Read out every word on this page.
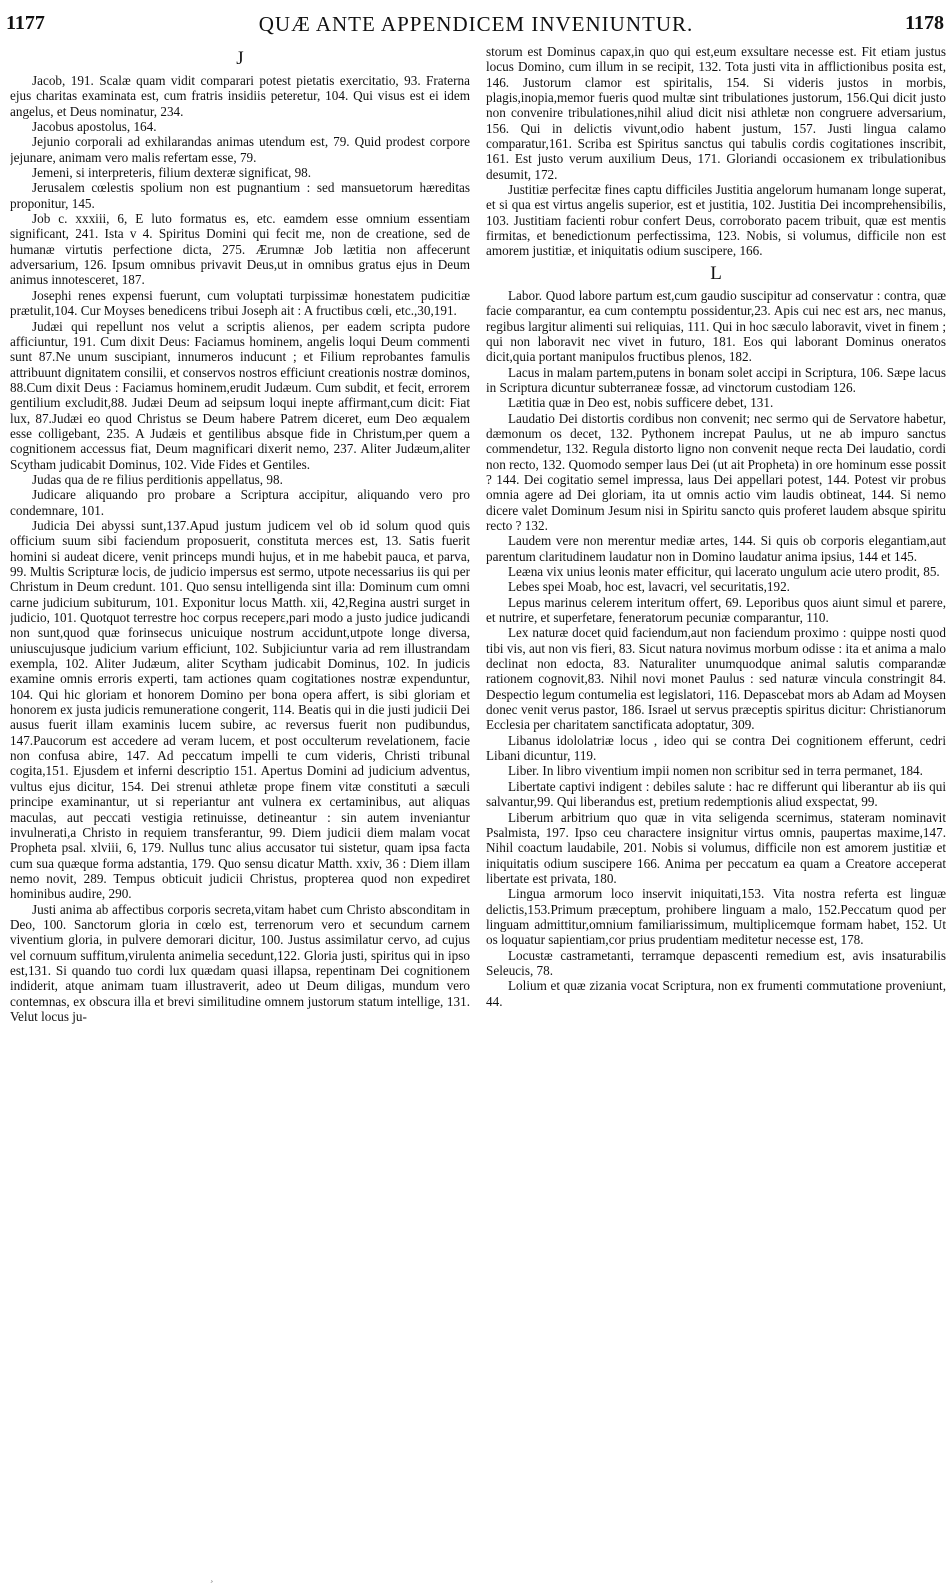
1177	QUÆ ANTE APPENDICEM INVENIUNTUR.	1178
J

Jacob, 191. Scalæ quam vidit comparari potest pietatis exercitatio, 93. Fraterna ejus charitas examinata est, cum fratris insidiis peteretur, 104. Qui visus est ei idem angelus, et Deus nominatur, 234.

Jacobus apostolus, 164.

Jejunio corporali ad exhilarandas animas utendum est, 79. Quid prodest corpore jejunare, animam vero malis refertam esse, 79.

Jemeni, si interpreteris, filium dexteræ significat, 98.

Jerusalem cœlestis spolium non est pugnantium : sed mansuetorum hæreditas proponitur, 145.

Job c. xxxiii, 6, E luto formatus es, etc. eamdem esse omnium essentiam significant, 241. Ista v 4. Spiritus Domini qui fecit me, non de creatione, sed de humanæ virtutis perfectione dicta, 275. Ærumnæ Job lætitia non affecerunt adversarium, 126. Ipsum omnibus privavit Deus,ut in omnibus gratus ejus in Deum animus innotesceret, 187.

Josephi renes expensi fuerunt, cum voluptati turpissimæ honestatem pudicitiæ prætulit,104. Cur Moyses benedicens tribui Joseph ait : A fructibus cœli, etc.,30,191.

Judæi qui repellunt nos velut a scriptis alienos, per eadem scripta pudore afficiuntur, 191. Cum dixit Deus: Faciamus hominem, angelis loqui Deum commenti sunt 87.Ne unum suscipiant, innumeros inducunt ; et Filium reprobantes famulis attribuunt dignitatem consilii, et conservos nostros efficiunt creationis nostræ dominos, 88.Cum dixit Deus : Faciamus hominem,erudit Judæum. Cum subdit, et fecit, errorem gentilium excludit,88. Judæi Deum ad seipsum loqui inepte affirmant,cum dicit: Fiat lux, 87.Judæi eo quod Christus se Deum habere Patrem diceret, eum Deo æqualem esse colligebant, 235. A Judæis et gentilibus absque fide in Christum,per quem a cognitionem accessus fiat, Deum magnificari dixerit nemo, 237. Aliter Judæum,aliter Scytham judicabit Dominus, 102. Vide Fides et Gentiles.

Judas qua de re filius perditionis appellatus, 98.

Judicare aliquando pro probare a Scriptura accipitur, aliquando vero pro condemnare, 101.

Judicia Dei abyssi sunt,137.Apud justum judicem vel ob id solum quod quis officium suum sibi faciendum proposuerit, constituta merces est, 13. Satis fuerit homini si audeat dicere, venit princeps mundi hujus, et in me habebit pauca, et parva, 99. Multis Scripturæ locis, de judicio impersus est sermo, utpote necessarius iis qui per Christum in Deum credunt. 101. Quo sensu intelligenda sint illa: Dominum cum omni carne judicium subiturum, 101. Exponitur locus Matth. xii, 42,Regina austri surget in judicio, 101. Quotquot terrestre hoc corpus receperε,pari modo a justo judice judicandi non sunt,quod quæ forinsecus unicuique nostrum accidunt,utpote longe diversa, uniuscujusque judicium varium efficiunt, 102. Subjiciuntur varia ad rem illustrandam exempla, 102. Aliter Judæum, aliter Scytham judicabit Dominus, 102. In judicis examine omnis erroris experti, tam actiones quam cogitationes nostræ expenduntur, 104. Qui hic gloriam et honorem Domino per bona opera affert, is sibi gloriam et honorem ex justa judicis remuneratione congerit, 114. Beatis qui in die justi judicii Dei ausus fuerit illam examinis lucem subire, ac reversus fuerit non pudibundus, 147.Paucorum est accedere ad veram lucem, et post occulterum revelationem, facie non confusa abire, 147. Ad peccatum impelli te cum videris, Christi tribunal cogita,151. Ejusdem et inferni descriptio 151. Apertus Domini ad judicium adventus, vultus ejus dicitur, 154. Dei strenui athletæ prope finem vitæ constituti a sæculi principe examinantur, ut si reperiantur ant vulnera ex certaminibus, aut aliquas maculas, aut peccati vestigia retinuisse, detineantur : sin autem inveniantur invulnerati,a Christo in requiem transferantur, 99. Diem judicii diem malam vocat Propheta psal. xlviii, 6, 179. Nullus tunc alius accusator tui sistetur, quam ipsa facta cum sua quæque forma adstantia, 179. Quo sensu dicatur Matth. xxiv, 36 : Diem illam nemo novit, 289. Tempus obticuit judicii Christus, propterea quod non expediret hominibus audire, 290.

Justi anima ab affectibus corporis secreta,vitam habet cum Christo absconditam in Deo, 100. Sanctorum gloria in cœlo est, terrenorum vero et secundum carnem viventium gloria, in pulvere demorari dicitur, 100. Justus assimilatur cervo, ad cujus vel cornuum suffitum,virulenta animelia secedunt,122. Gloria justi, spiritus qui in ipso est,131. Si quando tuo cordi lux quædam quasi illapsa, repentinam Dei cognitionem indiderit, atque animam tuam illustraverit, adeo ut Deum diligas, mundum vero contemnas, ex obscura illa et brevi similitudine omnem justorum statum intellige, 131. Velut locus ju-

storum est Dominus capax,in quo qui est,eum exsultare necesse est. Fit etiam justus locus Domino, cum illum in se recipit, 132. Tota justi vita in afflictionibus posita est, 146. Justorum clamor est spiritalis, 154. Si videris justos in morbis, plagis,inopia,memor fueris quod multæ sint tribulationes justorum, 156.Qui dicit justo non convenire tribulationes,nihil aliud dicit nisi athletæ non congruere adversarium, 156. Qui in delictis vivunt,odio habent justum, 157. Justi lingua calamo comparatur,161. Scriba est Spiritus sanctus qui tabulis cordis cogitationes inscribit, 161. Est justo verum auxilium Deus, 171. Gloriandi occasionem ex tribulationibus desumit, 172.

Justitiæ perfecitæ fines captu difficiles Justitia angelorum humanam longe superat, et si qua est virtus angelis superior, est et justitia, 102. Justitia Dei incomprehensibilis, 103. Justitiam facienti robur confert Deus, corroborato pacem tribuit, quæ est mentis firmitas, et benedictionum perfectissima, 123. Nobis, si volumus, difficile non est amorem justitiæ, et iniquitatis odium suscipere, 166.

L

Labor. Quod labore partum est,cum gaudio suscipitur ad conservatur : contra, quæ facie comparantur, ea cum contemptu possidentur,23. Apis cui nec est ars, nec manus, regibus largitur alimenti sui reliquias, 111. Qui in hoc sæculo laboravit, vivet in finem ; qui non laboravit nec vivet in futuro, 181. Eos qui laborant Dominus oneratos dicit,quia portant manipulos fructibus plenos, 182.

Lacus in malam partem,putens in bonam solet accipi in Scriptura, 106. Sæpe lacus in Scriptura dicuntur subterraneæ fossæ, ad vinctorum custodiam 126.

Lætitia quæ in Deo est, nobis sufficere debet, 131.

Laudatio Dei distortis cordibus non convenit; nec sermo qui de Servatore habetur, dæmonum os decet, 132. Pythonem increpat Paulus, ut ne ab impuro sanctus commendetur, 132. Regula distorto ligno non convenit neque recta Dei laudatio, cordi non recto, 132. Quomodo semper laus Dei (ut ait Propheta) in ore hominum esse possit ? 144. Dei cogitatio semel impressa, laus Dei appellari potest, 144. Potest vir probus omnia agere ad Dei gloriam, ita ut omnis actio vim laudis obtineat, 144. Si nemo dicere valet Dominum Jesum nisi in Spiritu sancto quis proferet laudem absque spiritu recto ? 132.

Laudem vere non merentur mediæ artes, 144. Si quis ob corporis elegantiam,aut parentum claritudinem laudatur non in Domino laudatur anima ipsius, 144 et 145.

Leæna vix unius leonis mater efficitur, qui lacerato ungulum acie utero prodit, 85.

Lebes spei Moab, hoc est, lavacri, vel securitatis,192.

Lepus marinus celerem interitum offert, 69. Leporibus quos aiunt simul et parere, et nutrire, et superfetare, feneratorum pecuniæ comparantur, 110.

Lex naturæ docet quid faciendum,aut non faciendum proximo : quippe nosti quod tibi vis, aut non vis fieri, 83. Sicut natura novimus morbum odisse : ita et anima a malo declinat non edocta, 83. Naturaliter unumquodque animal salutis comparandæ rationem cognovit,83. Nihil novi monet Paulus : sed naturæ vincula constringit 84. Despectio legum contumelia est legislatori, 116. Depascebat mors ab Adam ad Moysen donec venit verus pastor, 186. Israel ut servus præceptis spiritus dicitur: Christianorum Ecclesia per charitatem sanctificata adoptatur, 309.

Libanus idololatriæ locus , ideo qui se contra Dei cognitionem efferunt, cedri Libani dicuntur, 119.

Liber. In libro viventium impii nomen non scribitur sed in terra permanet, 184.

Libertate captivi indigent : debiles salute : hac re differunt qui liberantur ab iis qui salvantur,99. Qui liberandus est, pretium redemptionis aliud exspectat, 99.

Liberum arbitrium quo quæ in vita seligenda scernimus, stateram nominavit Psalmista, 197. Ipso ceu charactere insignitur virtus omnis, paupertas maxime,147. Nihil coactum laudabile, 201. Nobis si volumus, difficile non est amorem justitiæ et iniquitatis odium suscipere 166. Anima per peccatum ea quam a Creatore acceperat libertate est privata, 180.

Lingua armorum loco inservit iniquitati,153. Vita nostra referta est linguæ delictis,153.Primum præceptum, prohibere linguam a malo, 152.Peccatum quod per linguam admittitur,omnium familiarissimum, multiplicemque formam habet, 152. Ut os loquatur sapientiam,cor prius prudentiam meditetur necesse est, 178.

Locustæ castrametanti, terramque depascenti remedium est, avis insaturabilis Seleucis, 78.

Lolium et quæ zizania vocat Scriptura, non ex frumenti commutatione proveniunt, 44.

¸
